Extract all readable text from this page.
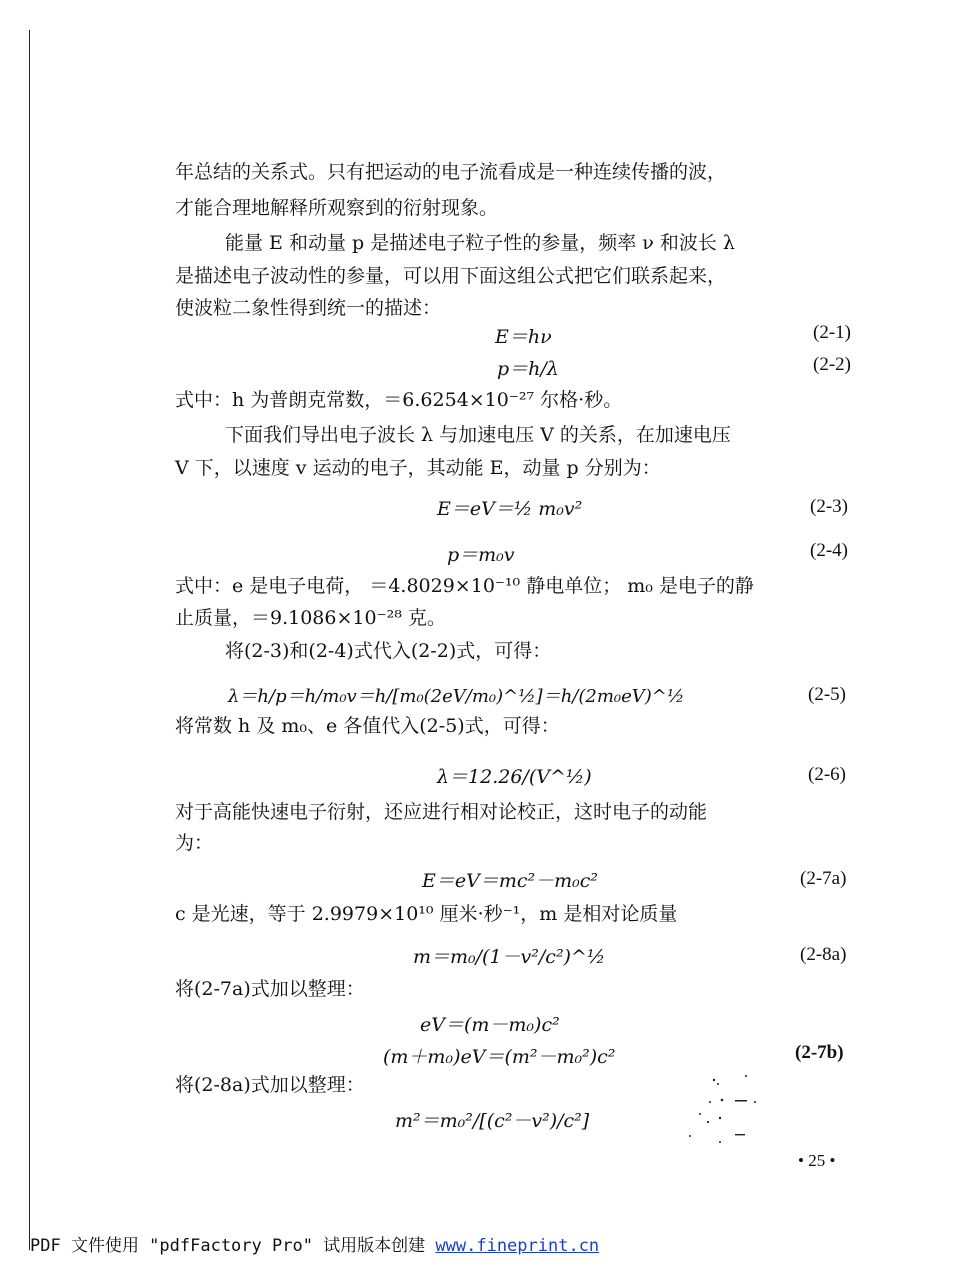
年总结的关系式。只有把运动的电子流看成是一种连续传播的波，
才能合理地解释所观察到的衍射现象。
能量 E 和动量 p 是描述电子粒子性的参量，频率 ν 和波长 λ
是描述电子波动性的参量，可以用下面这组公式把它们联系起来，
使波粒二象性得到统一的描述：
E＝hν	(2-1)
p＝h/λ	(2-2)
式中：h 为普朗克常数，＝6.6254×10⁻²⁷ 尔格·秒。
下面我们导出电子波长 λ 与加速电压 V 的关系，在加速电压
V 下，以速度 v 运动的电子，其动能 E，动量 p 分别为：
E＝eV＝½ m₀v²	(2-3)
p＝m₀v	(2-4)
式中：e 是电子电荷， ＝4.8029×10⁻¹⁰ 静电单位； m₀ 是电子的静
止质量，＝9.1086×10⁻²⁸ 克。
将(2-3)和(2-4)式代入(2-2)式，可得：
λ＝h/p＝h/m₀v＝h/[m₀(2eV/m₀)^½]＝h/(2m₀eV)^½	(2-5)
将常数 h 及 m₀、e 各值代入(2-5)式，可得：
λ＝12.26/(V^½)	(2-6)
对于高能快速电子衍射，还应进行相对论校正，这时电子的动能
为：
E＝eV＝mc²－m₀c²	(2-7a)
c 是光速，等于 2.9979×10¹⁰ 厘米·秒⁻¹，m 是相对论质量
m＝m₀/(1－v²/c²)^½	(2-8a)
将(2-7a)式加以整理：
eV＝(m－m₀)c²
(m＋m₀)eV＝(m²－m₀²)c²	(2-7b)
将(2-8a)式加以整理：
m²＝m₀²/[(c²－v²)/c²]
• 25 •
PDF 文件使用 "pdfFactory Pro" 试用版本创建 www.fineprint.cn
